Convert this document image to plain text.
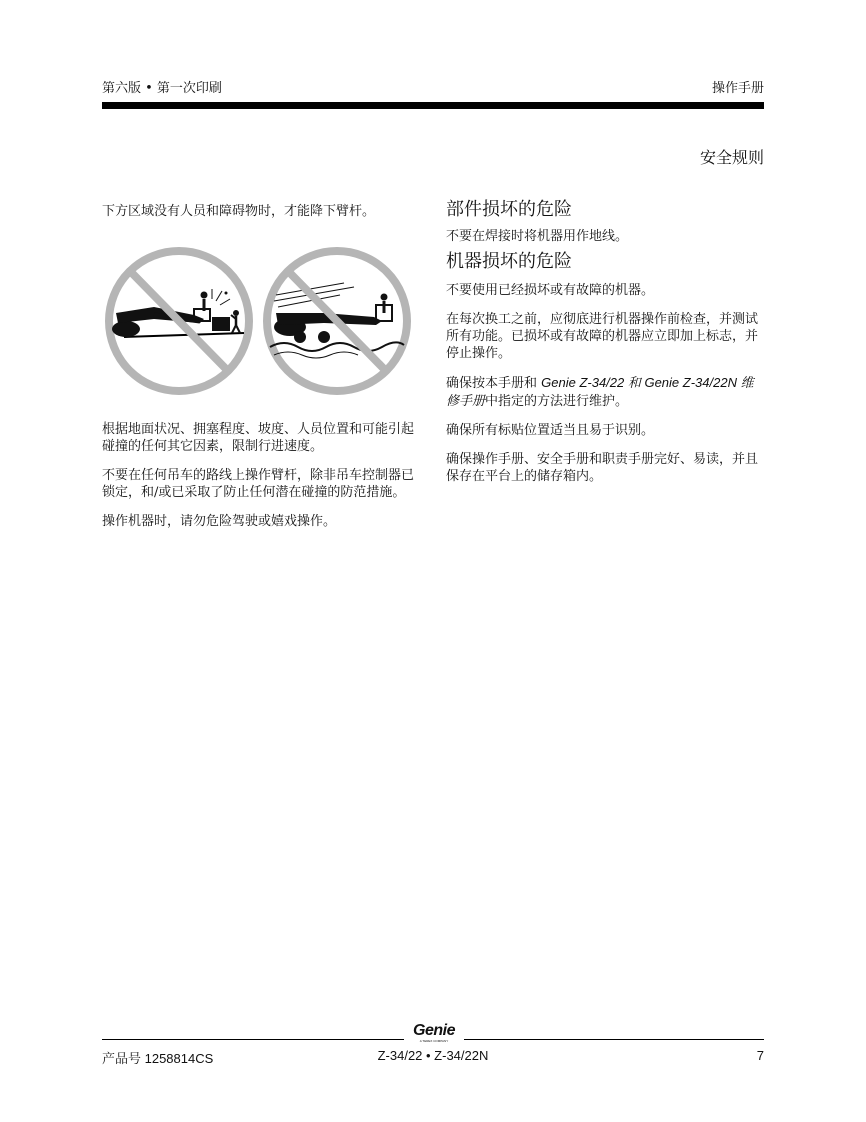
第六版 • 第一次印刷	操作手册
安全规则
下方区域没有人员和障碍物时，才能降下臂杆。

根据地面状况、拥塞程度、坡度、人员位置和可能引起碰撞的任何其它因素，限制行进速度。

不要在任何吊车的路线上操作臂杆，除非吊车控制器已锁定，和/或已采取了防止任何潜在碰撞的防范措施。

操作机器时，请勿危险驾驶或嬉戏操作。

部件损坏的危险

不要在焊接时将机器用作地线。

机器损坏的危险

不要使用已经损坏或有故障的机器。

在每次换工之前，应彻底进行机器操作前检查，并测试所有功能。已损坏或有故障的机器应立即加上标志，并停止操作。

确保按本手册和 Genie Z-34/22 和 Genie Z-34/22N 维修手册中指定的方法进行维护。

确保所有标贴位置适当且易于识别。

确保操作手册、安全手册和职责手册完好、易读，并且保存在平台上的储存箱内。

Genie
A TEREX COMPANY
产品号 1258814CS	Z-34/22 • Z-34/22N	7
